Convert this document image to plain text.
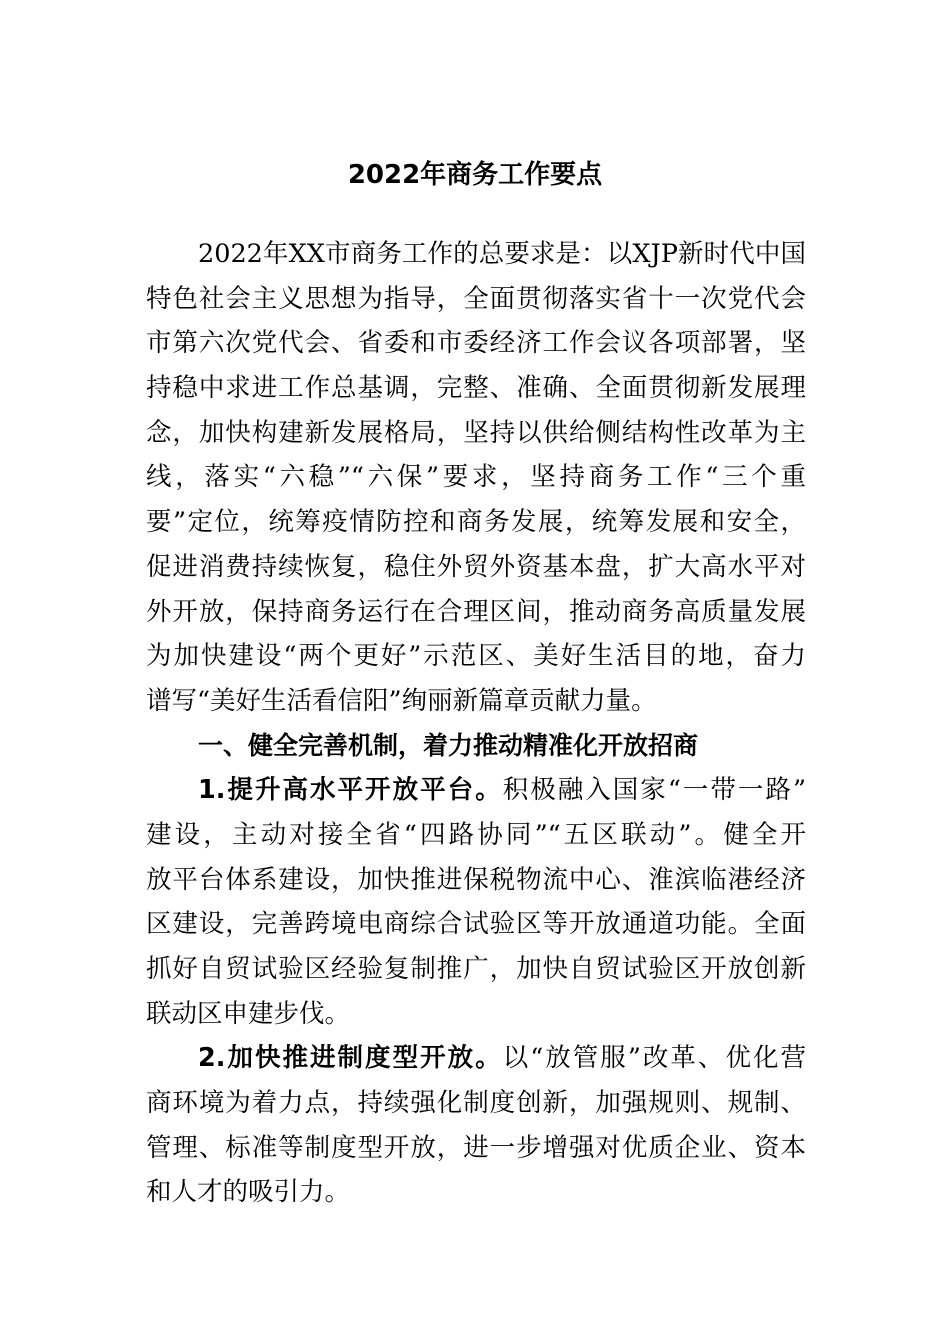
2022年商务工作要点
2022年XX市商务工作的总要求是：以XJP新时代中国
特色社会主义思想为指导，全面贯彻落实省十一次党代会
市第六次党代会、省委和市委经济工作会议各项部署，坚
持稳中求进工作总基调，完整、准确、全面贯彻新发展理
念，加快构建新发展格局，坚持以供给侧结构性改革为主
线，落实“六稳”“六保”要求，坚持商务工作“三个重
要”定位，统筹疫情防控和商务发展，统筹发展和安全，
促进消费持续恢复，稳住外贸外资基本盘，扩大高水平对
外开放，保持商务运行在合理区间，推动商务高质量发展
为加快建设“两个更好”示范区、美好生活目的地，奋力
谱写“美好生活看信阳”绚丽新篇章贡献力量。
一、健全完善机制，着力推动精准化开放招商
1.提升高水平开放平台。积极融入国家“一带一路”
建设，主动对接全省“四路协同”“五区联动”。健全开
放平台体系建设，加快推进保税物流中心、淮滨临港经济
区建设，完善跨境电商综合试验区等开放通道功能。全面
抓好自贸试验区经验复制推广，加快自贸试验区开放创新
联动区申建步伐。
2.加快推进制度型开放。以“放管服”改革、优化营
商环境为着力点，持续强化制度创新，加强规则、规制、
管理、标准等制度型开放，进一步增强对优质企业、资本
和人才的吸引力。
